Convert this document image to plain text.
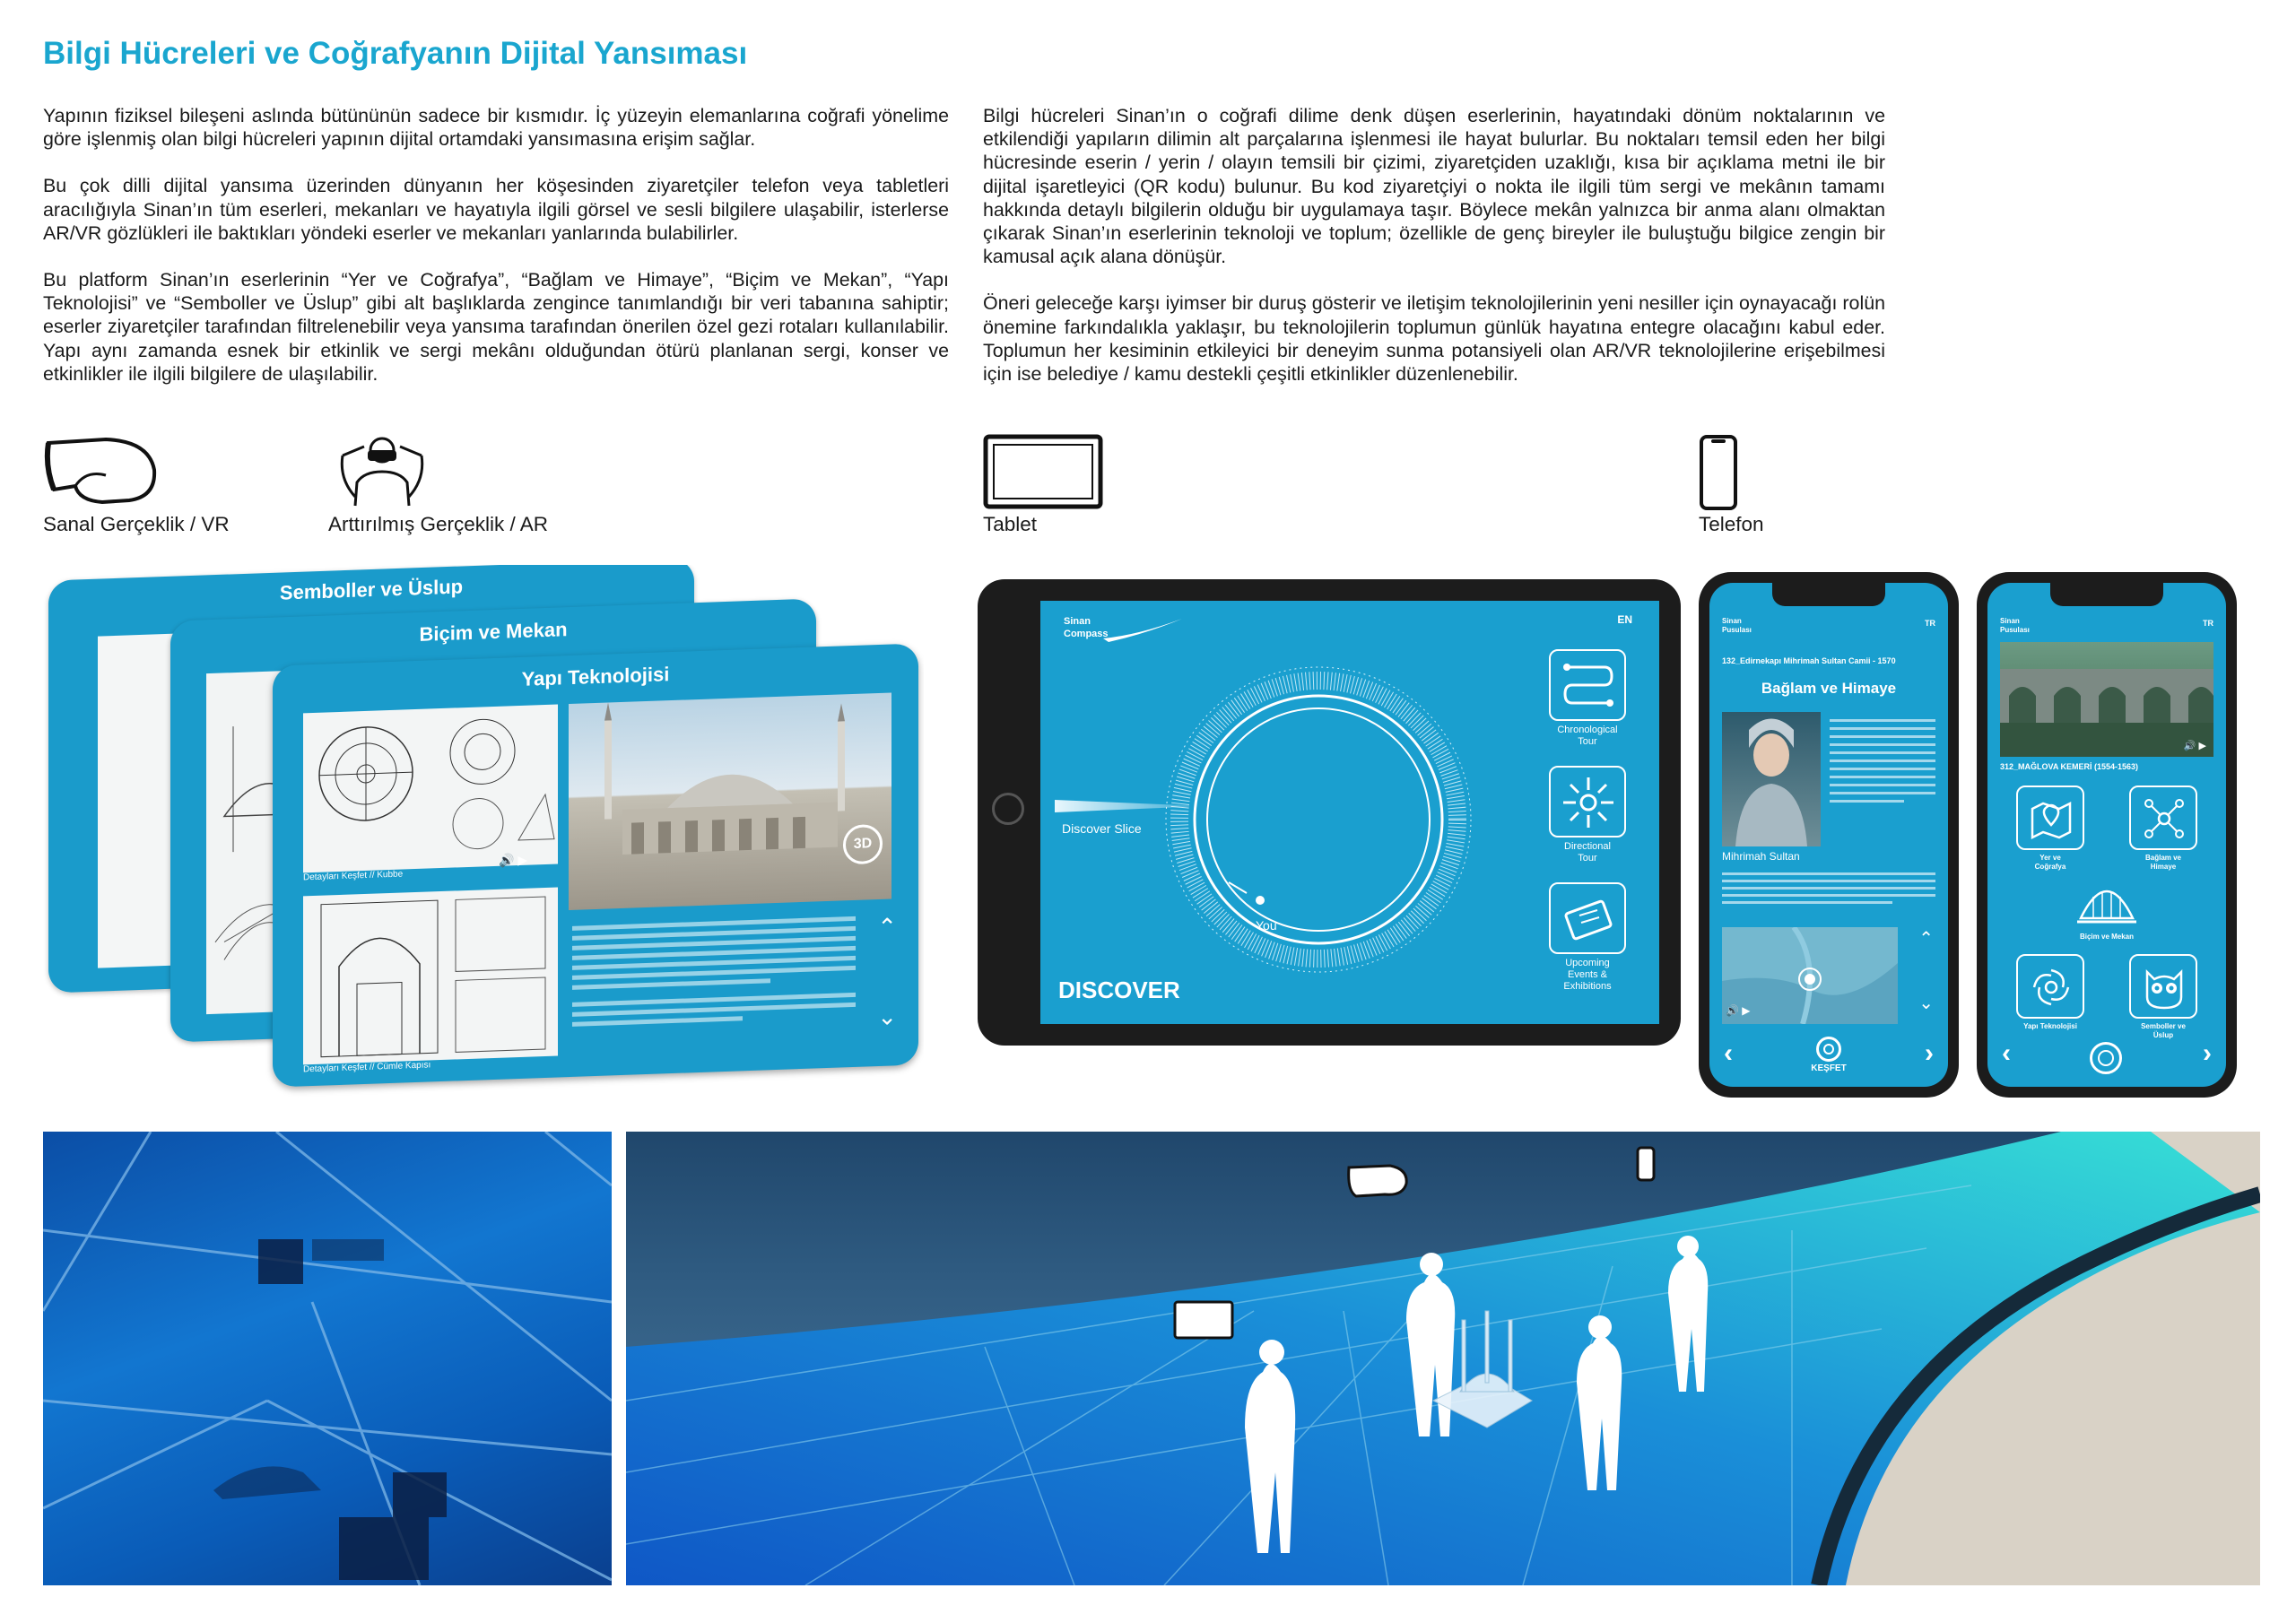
Bilgi Hücreleri ve Coğrafyanın Dijital Yansıması

Yapının fiziksel bileşeni aslında bütününün sadece bir kısmıdır. İç yüzeyin elemanlarına coğrafi yönelime göre işlenmiş olan bilgi hücreleri yapının dijital ortamdaki yansımasına erişim sağlar.

Bu çok dilli dijital yansıma üzerinden dünyanın her köşesinden ziyaretçiler telefon veya tabletleri aracılığıyla Sinan’ın tüm eserleri, mekanları ve hayatıyla ilgili görsel ve sesli bilgilere ulaşabilir, isterlerse AR/VR gözlükleri ile baktıkları yöndeki eserler ve mekanları yanlarında bulabilirler.

Bu platform Sinan’ın eserlerinin “Yer ve Coğrafya”, “Bağlam ve Himaye”, “Biçim ve Mekan”, “Yapı Teknolojisi” ve “Semboller ve Üslup” gibi alt başlıklarda zengince tanımlandığı bir veri tabanına sahiptir; eserler ziyaretçiler tarafından filtrelenebilir veya yansıma tarafından önerilen özel gezi rotaları kullanılabilir. Yapı aynı zamanda esnek bir etkinlik ve sergi mekânı olduğundan ötürü planlanan sergi, konser ve etkinlikler ile ilgili bilgilere de ulaşılabilir.

Bilgi hücreleri Sinan’ın o coğrafi dilime denk düşen eserlerinin, hayatındaki dönüm noktalarının ve etkilendiği yapıların dilimin alt parçalarına işlenmesi ile hayat bulurlar. Bu noktaları temsil eden her bilgi hücresinde eserin / yerin / olayın temsili bir çizimi, ziyaretçiden uzaklığı, kısa bir açıklama metni ile bir dijital işaretleyici (QR kodu) bulunur. Bu kod ziyaretçiyi o nokta ile ilgili tüm sergi ve mekânın tamamı hakkında detaylı bilgilerin olduğu bir uygulamaya taşır. Böylece mekân yalnızca bir anma alanı olmaktan çıkarak Sinan’ın eserlerinin teknoloji ve toplum; özellikle de genç bireyler ile buluştuğu bilgice zengin bir kamusal açık alana dönüşür.

Öneri geleceğe karşı iyimser bir duruş gösterir ve iletişim teknolojilerinin yeni nesiller için oynayacağı rolün önemine farkındalıkla yaklaşır, bu teknolojilerin toplumun günlük hayatına entegre olacağını kabul eder. Toplumun her kesiminin etkileyici bir deneyim sunma potansiyeli olan AR/VR teknolojilerine erişebilmesi için ise belediye / kamu destekli çeşitli etkinlikler düzenlenebilir.

Sanal Gerçeklik / VR	Arttırılmış Gerçeklik / AR	Tablet	Telefon
Semboller ve Üslup
Biçim ve Mekan
Yapı Teknolojisi
Detayları Keşfet // Kubbe
🔊 ▶
Detayları Keşfet // Cümle Kapısı
3D
⌃
⌄
Sinan
Compass
EN
Discover Slice
You
DISCOVER
Chronological
Tour
Directional
Tour
Upcoming
Events &
Exhibitions
Sinan
Pusulası
TR
132_Edirnekapı Mihrimah Sultan Camii - 1570
Bağlam ve Himaye
Mihrimah Sultan
⌃
⌄
🔊 ▶
‹	›
KEŞFET
Sinan
Pusulası
TR
🔊 ▶
312_MAĞLOVA KEMERİ (1554-1563)
Yer ve
Coğrafya
Bağlam ve
Himaye
Biçim ve Mekan
Yapı Teknolojisi	Semboller ve
Üslup
‹	›
